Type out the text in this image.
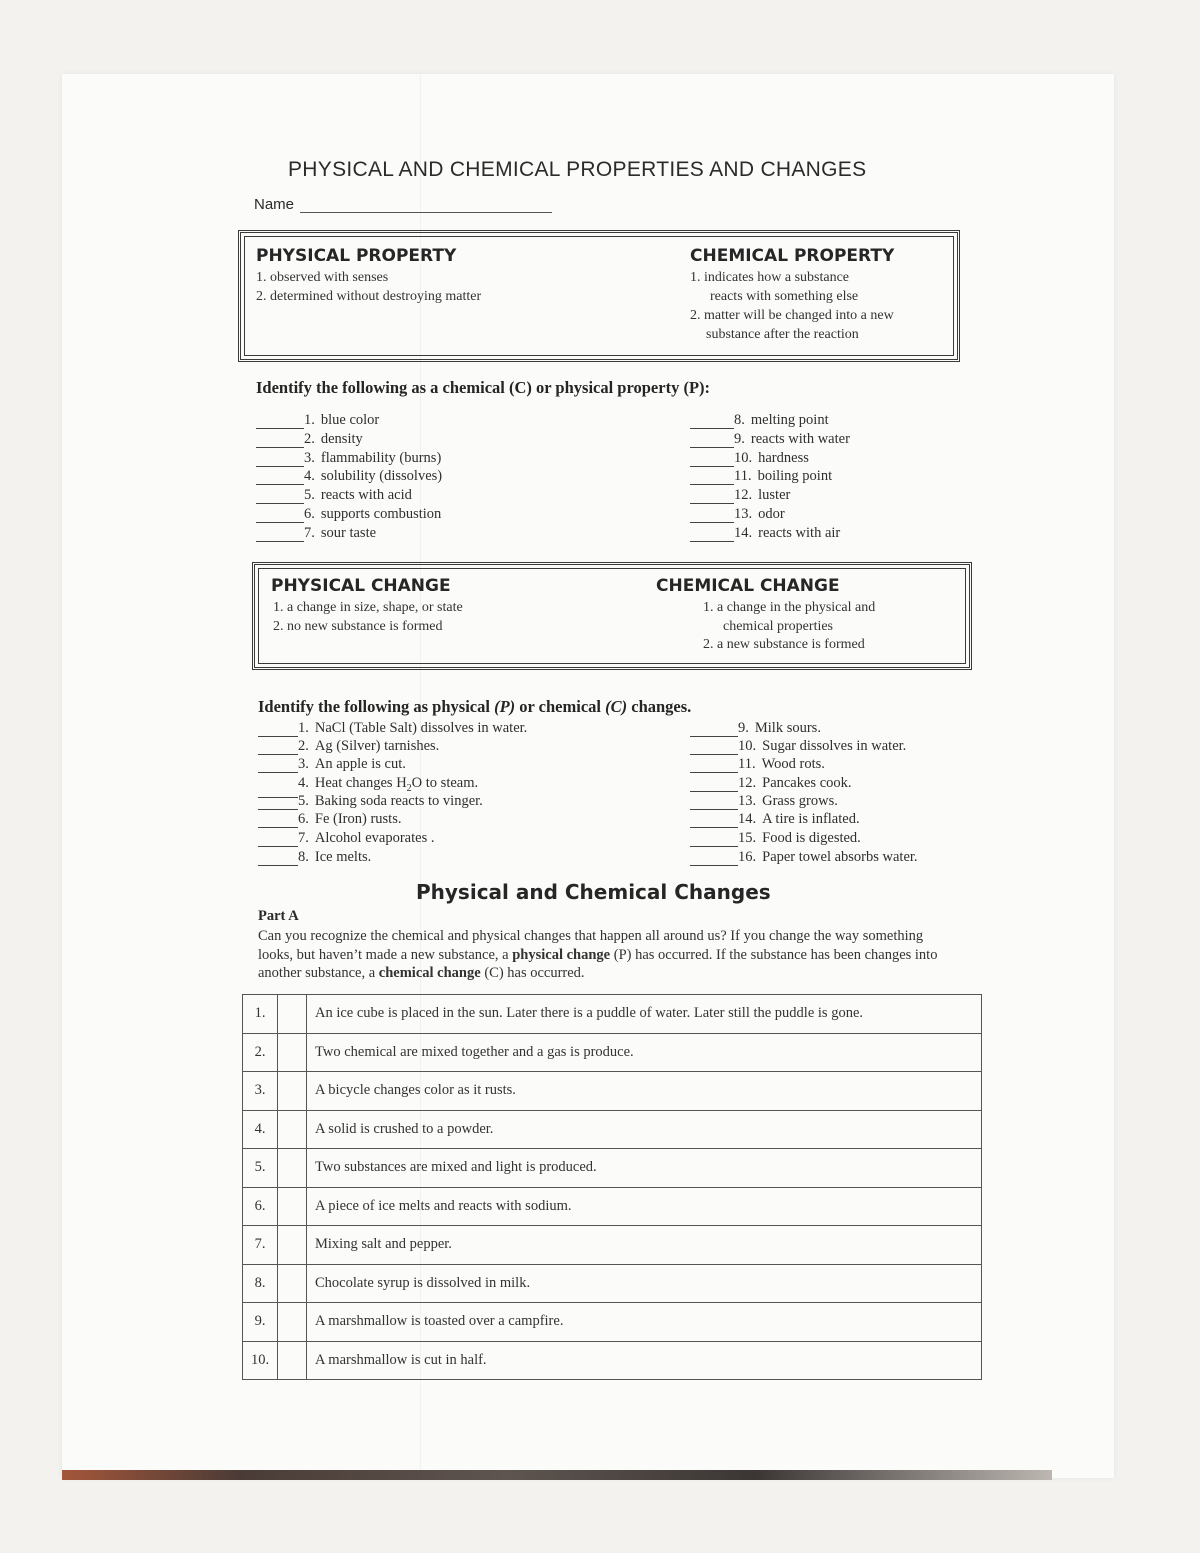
PHYSICAL AND CHEMICAL PROPERTIES AND CHANGES
Name
PHYSICAL PROPERTY
1. observed with senses
2. determined without destroying matter
CHEMICAL PROPERTY
1. indicates how a substance
reacts with something else
2. matter will be changed into a new
substance after the reaction
Identify the following as a chemical (C) or physical property (P):
1. blue color
2. density
3. flammability (burns)
4. solubility (dissolves)
5. reacts with acid
6. supports combustion
7. sour taste
8. melting point
9. reacts with water
10. hardness
11. boiling point
12. luster
13. odor
14. reacts with air
PHYSICAL CHANGE
1. a change in size, shape, or state
2. no new substance is formed
CHEMICAL CHANGE
1. a change in the physical and
chemical properties
2. a new substance is formed
Identify the following as physical (P) or chemical (C) changes.
1. NaCl (Table Salt) dissolves in water.
2. Ag (Silver) tarnishes.
3. An apple is cut.
4. Heat changes $H_2O$ to steam.
5. Baking soda reacts to vinger.
6. Fe (Iron) rusts.
7. Alcohol evaporates .
8. Ice melts.
9. Milk sours.
10. Sugar dissolves in water.
11. Wood rots.
12. Pancakes cook.
13. Grass grows.
14. A tire is inflated.
15. Food is digested.
16. Paper towel absorbs water.
Physical and Chemical Changes
Part A
Can you recognize the chemical and physical changes that happen all around us? If you change the way something looks, but haven’t made a new substance, a physical change (P) has occurred. If the substance has been changes into another substance, a chemical change (C) has occurred.
1.		An ice cube is placed in the sun. Later there is a puddle of water. Later still the puddle is gone.
2.		Two chemical are mixed together and a gas is produce.
3.		A bicycle changes color as it rusts.
4.		A solid is crushed to a powder.
5.		Two substances are mixed and light is produced.
6.		A piece of ice melts and reacts with sodium.
7.		Mixing salt and pepper.
8.		Chocolate syrup is dissolved in milk.
9.		A marshmallow is toasted over a campfire.
10.		A marshmallow is cut in half.
